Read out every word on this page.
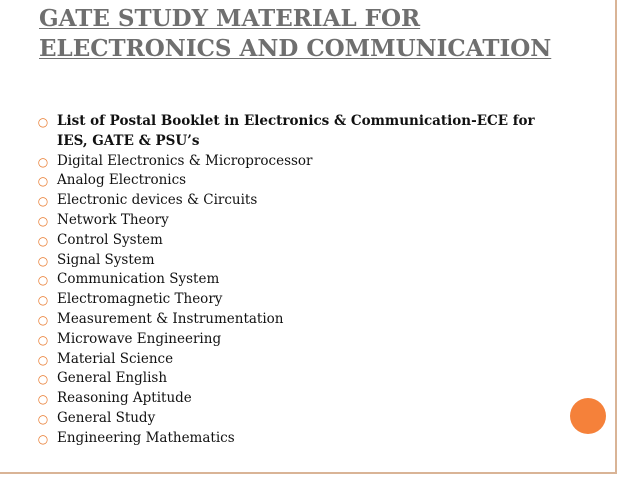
GATE STUDY MATERIAL FOR ELECTRONICS AND COMMUNICATION
○ List of Postal Booklet in Electronics & Communication-ECE for IES, GATE & PSU’s
○ Digital Electronics & Microprocessor
○ Analog Electronics
○ Electronic devices & Circuits
○ Network Theory
○ Control System
○ Signal System
○ Communication System
○ Electromagnetic Theory
○ Measurement & Instrumentation
○ Microwave Engineering
○ Material Science
○ General English
○ Reasoning Aptitude
○ General Study
○ Engineering Mathematics
